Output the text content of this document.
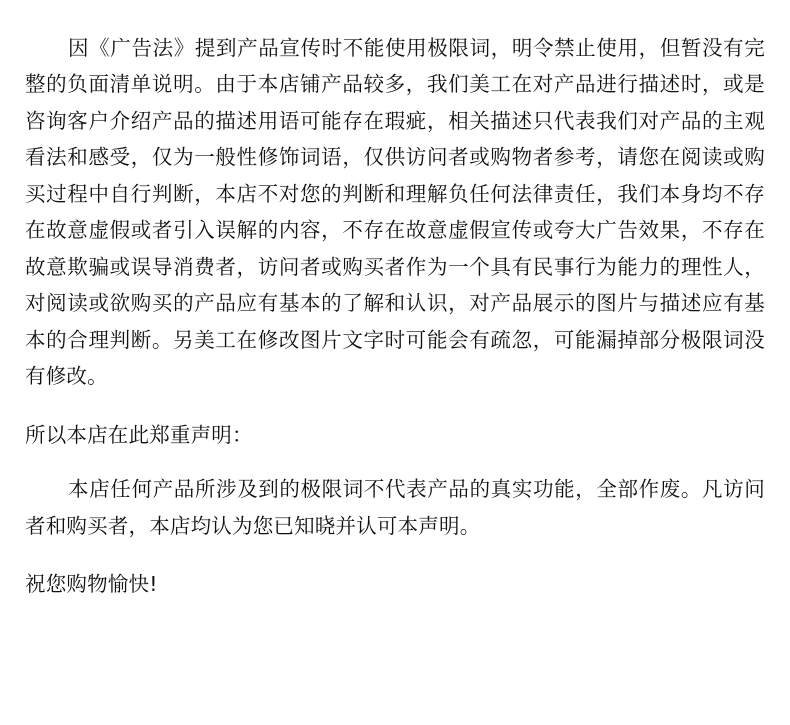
因《广告法》提到产品宣传时不能使用极限词，明令禁止使用，但暂没有完整的负面清单说明。由于本店铺产品较多，我们美工在对产品进行描述时，或是咨询客户介绍产品的描述用语可能存在瑕疵，相关描述只代表我们对产品的主观看法和感受，仅为一般性修饰词语，仅供访问者或购物者参考，请您在阅读或购买过程中自行判断，本店不对您的判断和理解负任何法律责任，我们本身均不存在故意虚假或者引入误解的内容，不存在故意虚假宣传或夸大广告效果，不存在故意欺骗或误导消费者，访问者或购买者作为一个具有民事行为能力的理性人，对阅读或欲购买的产品应有基本的了解和认识，对产品展示的图片与描述应有基本的合理判断。另美工在修改图片文字时可能会有疏忽，可能漏掉部分极限词没有修改。

所以本店在此郑重声明：

本店任何产品所涉及到的极限词不代表产品的真实功能，全部作废。凡访问者和购买者，本店均认为您已知晓并认可本声明。

祝您购物愉快!
